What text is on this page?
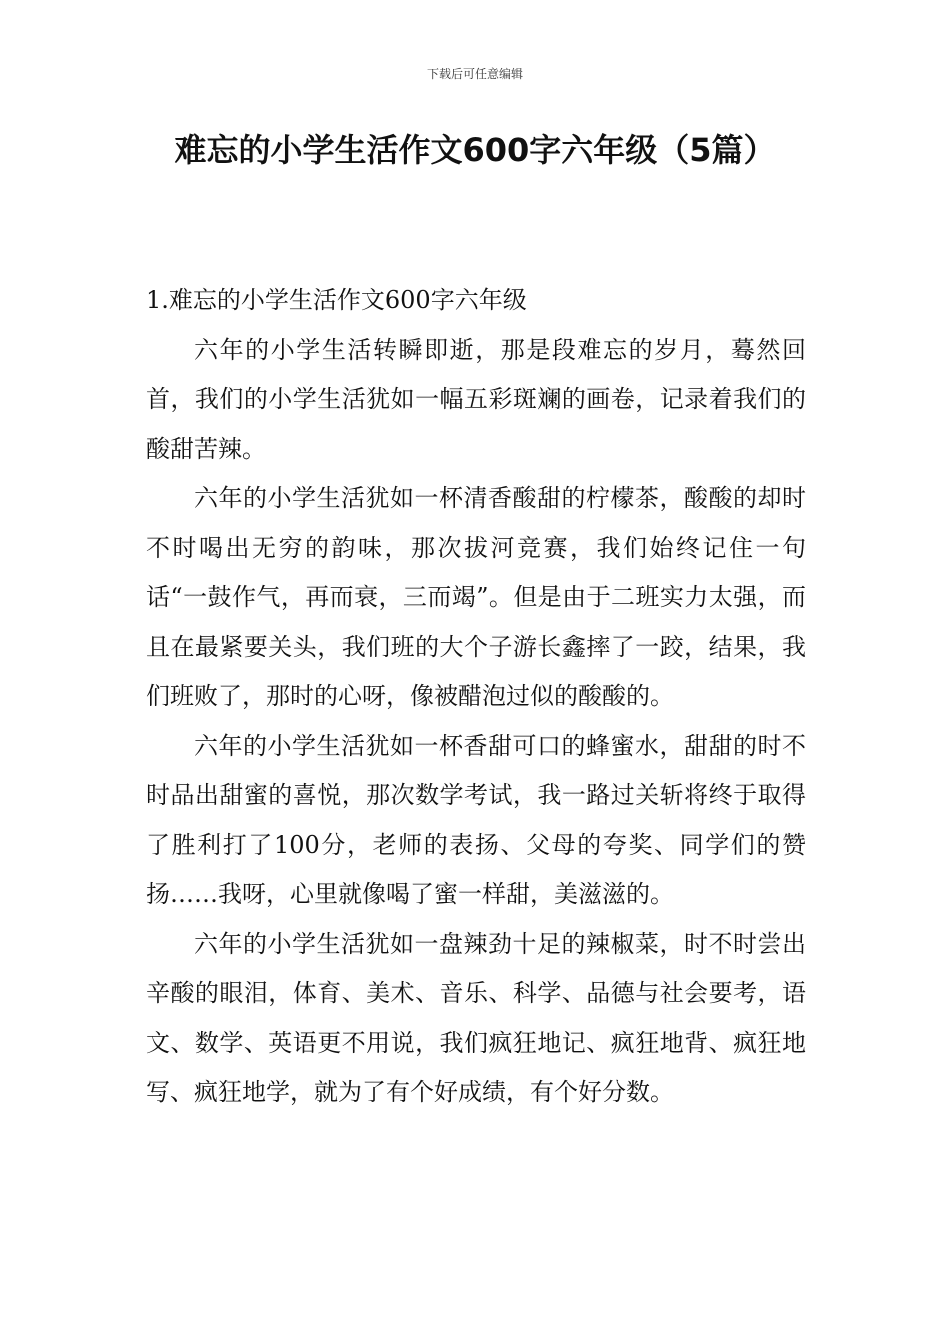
下载后可任意编辑
难忘的小学生活作文600字六年级（5篇）

1.难忘的小学生活作文600字六年级

六年的小学生活转瞬即逝，那是段难忘的岁月，蓦然回首，我们的小学生活犹如一幅五彩斑斓的画卷，记录着我们的酸甜苦辣。

六年的小学生活犹如一杯清香酸甜的柠檬茶，酸酸的却时不时喝出无穷的韵味，那次拔河竞赛，我们始终记住一句话“一鼓作气，再而衰，三而竭”。但是由于二班实力太强，而且在最紧要关头，我们班的大个子游长鑫摔了一跤，结果，我们班败了，那时的心呀，像被醋泡过似的酸酸的。

六年的小学生活犹如一杯香甜可口的蜂蜜水，甜甜的时不时品出甜蜜的喜悦，那次数学考试，我一路过关斩将终于取得了胜利打了100分，老师的表扬、父母的夸奖、同学们的赞扬……我呀，心里就像喝了蜜一样甜，美滋滋的。

六年的小学生活犹如一盘辣劲十足的辣椒菜，时不时尝出辛酸的眼泪，体育、美术、音乐、科学、品德与社会要考，语文、数学、英语更不用说，我们疯狂地记、疯狂地背、疯狂地写、疯狂地学，就为了有个好成绩，有个好分数。
